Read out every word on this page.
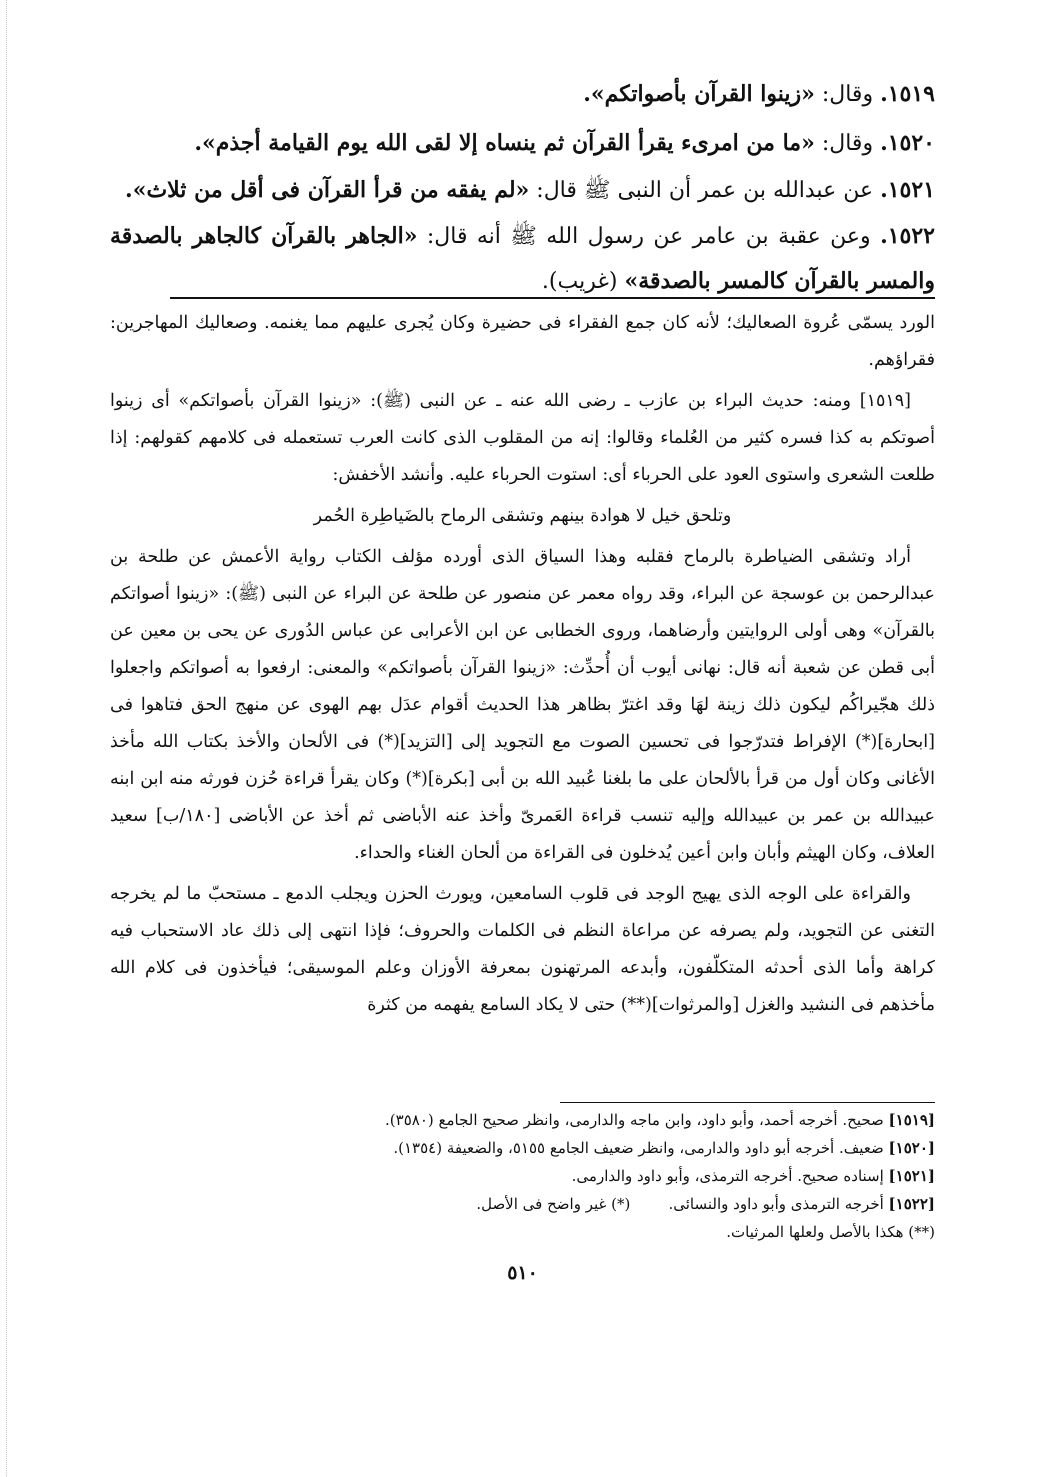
١٥١٩. وقال: «زينوا القرآن بأصواتكم».
١٥٢٠. وقال: «ما من امرىء يقرأ القرآن ثم ينساه إلا لقى الله يوم القيامة أجذم».
١٥٢١. عن عبدالله بن عمر أن النبى ﷺ قال: «لم يفقه من قرأ القرآن فى أقل من ثلاث».
١٥٢٢. وعن عقبة بن عامر عن رسول الله ﷺ أنه قال: «الجاهر بالقرآن كالجاهر بالصدقة والمسر بالقرآن كالمسر بالصدقة» (غريب).

الورد يسمّى عُروة الصعاليك؛ لأنه كان جمع الفقراء فى حضيرة وكان يُجرى عليهم مما يغنمه. وصعاليك المهاجرين: فقراؤهم.

[١٥١٩] ومنه: حديث البراء بن عازب ـ رضى الله عنه ـ عن النبى (ﷺ): «زينوا القرآن بأصواتكم» أى زينوا أصوتكم به كذا فسره كثير من العُلماء وقالوا: إنه من المقلوب الذى كانت العرب تستعمله فى كلامهم كقولهم: إذا طلعت الشعرى واستوى العود على الحرباء أى: استوت الحرباء عليه. وأنشد الأخفش:

وتلحق خيل لا هوادة بينهم وتشقى الرماح بالضَياطِرة الحُمر

أراد وتشقى الضياطرة بالرماح فقلبه وهذا السياق الذى أورده مؤلف الكتاب رواية الأعمش عن طلحة بن عبدالرحمن بن عوسجة عن البراء، وقد رواه معمر عن منصور عن طلحة عن البراء عن النبى (ﷺ): «زينوا أصواتكم بالقرآن» وهى أولى الروايتين وأرضاهما، وروى الخطابى عن ابن الأعرابى عن عباس الدُورى عن يحى بن معين عن أبى قطن عن شعبة أنه قال: نهانى أيوب أن أُحدِّث: «زينوا القرآن بأصواتكم» والمعنى: ارفعوا به أصواتكم واجعلوا ذلك هجّيراكُم ليكون ذلك زينة لهَا وقد اغترّ بظاهر هذا الحديث أقوام عدَل بهم الهوى عن منهج الحق فتاهوا فى [ابحارة](*) الإفراط فتدرّجوا فى تحسين الصوت مع التجويد إلى [التزيد](*) فى الألحان والأخذ بكتاب الله مأخذ الأغانى وكان أول من قرأ بالألحان على ما بلغنا عُبيد الله بن أبى [بكرة](*) وكان يقرأ قراءة حُزن فورثه منه ابن ابنه عبيدالله بن عمر بن عبيدالله وإليه تنسب قراءة العَمرىّ وأخذ عنه الأباضى ثم أخذ عن الأباضى [١٨٠/ب] سعيد العلاف، وكان الهيثم وأبان وابن أعين يُدخلون فى القراءة من ألحان الغناء والحداء.

والقراءة على الوجه الذى يهيج الوجد فى قلوب السامعين، ويورث الحزن ويجلب الدمع ـ مستحبّ ما لم يخرجه التغنى عن التجويد، ولم يصرفه عن مراعاة النظم فى الكلمات والحروف؛ فإذا انتهى إلى ذلك عاد الاستحباب فيه كراهة وأما الذى أحدثه المتكلّفون، وأبدعه المرتهنون بمعرفة الأوزان وعلم الموسيقى؛ فيأخذون فى كلام الله مأخذهم فى النشيد والغزل [والمرثوات](**) حتى لا يكاد السامع يفهمه من كثرة

[١٥١٩] صحيح. أخرجه أحمد، وأبو داود، وابن ماجه والدارمى، وانظر صحيح الجامع (٣٥٨٠).

[١٥٢٠] ضعيف. أخرجه أبو داود والدارمى، وانظر ضعيف الجامع ٥١٥٥، والضعيفة (١٣٥٤).

[١٥٢١] إسناده صحيح. أخرجه الترمذى، وأبو داود والدارمى.

[١٥٢٢] أخرجه الترمذى وأبو داود والنسائى.        (*) غير واضح فى الأصل.

(**) هكذا بالأصل ولعلها المرثيات.

٥١٠
